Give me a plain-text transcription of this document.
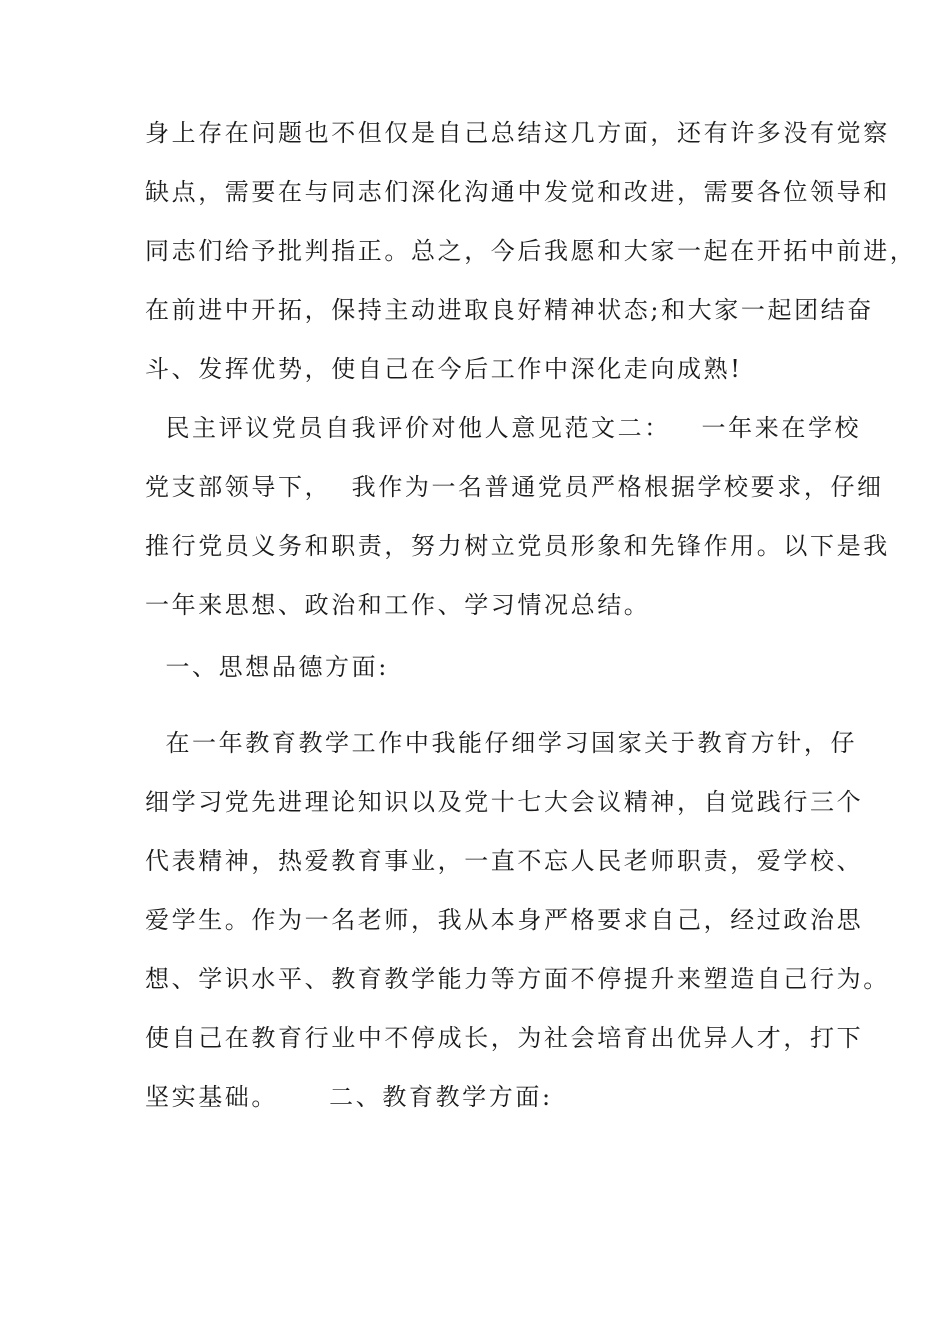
身上存在问题也不但仅是自己总结这几方面，还有许多没有觉察
缺点，需要在与同志们深化沟通中发觉和改进，需要各位领导和
同志们给予批判指正。总之，今后我愿和大家一起在开拓中前进，
在前进中开拓，保持主动进取良好精神状态;和大家一起团结奋
斗、发挥优势，使自己在今后工作中深化走向成熟!
民主评议党员自我评价对他人意见范文二：   一年来在学校
党支部领导下，  我作为一名普通党员严格根据学校要求，仔细
推行党员义务和职责，努力树立党员形象和先锋作用。以下是我
一年来思想、政治和工作、学习情况总结。
一、思想品德方面:
在一年教育教学工作中我能仔细学习国家关于教育方针，仔
细学习党先进理论知识以及党十七大会议精神，自觉践行三个
代表精神，热爱教育事业，一直不忘人民老师职责，爱学校、
爱学生。作为一名老师，我从本身严格要求自己，经过政治思
想、学识水平、教育教学能力等方面不停提升来塑造自己行为。
使自己在教育行业中不停成长，为社会培育出优异人才，打下
坚实基础。     二、教育教学方面:
